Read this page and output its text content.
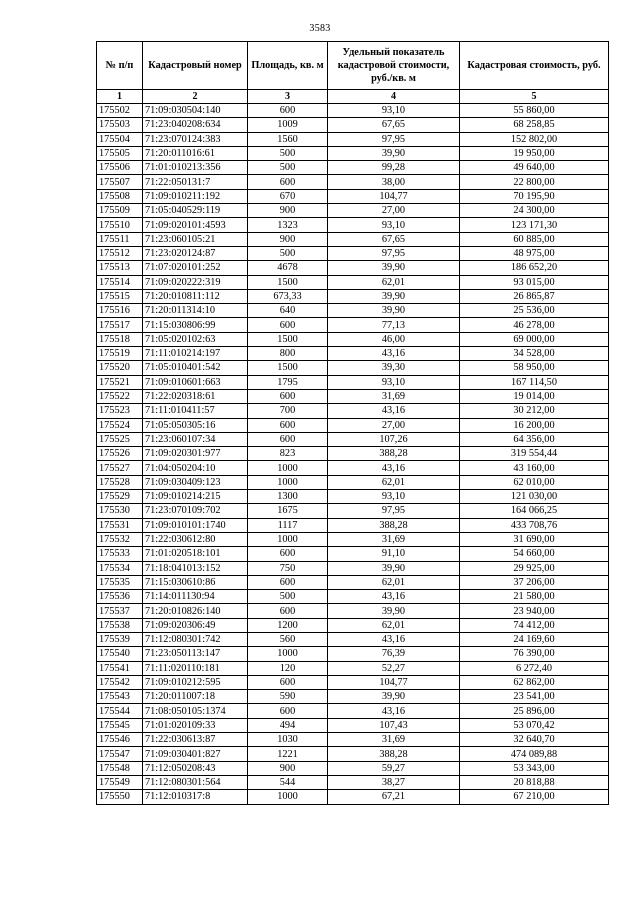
3583
№ п/п	Кадастровый номер	Площадь, кв. м	Удельный показатель кадастровой стоимости, руб./кв. м	Кадастровая стоимость, руб.
1	2	3	4	5
175502	71:09:030504:140	600	93,10	55 860,00
175503	71:23:040208:634	1009	67,65	68 258,85
175504	71:23:070124:383	1560	97,95	152 802,00
175505	71:20:011016:61	500	39,90	19 950,00
175506	71:01:010213:356	500	99,28	49 640,00
175507	71:22:050131:7	600	38,00	22 800,00
175508	71:09:010211:192	670	104,77	70 195,90
175509	71:05:040529:119	900	27,00	24 300,00
175510	71:09:020101:4593	1323	93,10	123 171,30
175511	71:23:060105:21	900	67,65	60 885,00
175512	71:23:020124:87	500	97,95	48 975,00
175513	71:07:020101:252	4678	39,90	186 652,20
175514	71:09:020222:319	1500	62,01	93 015,00
175515	71:20:010811:112	673,33	39,90	26 865,87
175516	71:20:011314:10	640	39,90	25 536,00
175517	71:15:030806:99	600	77,13	46 278,00
175518	71:05:020102:63	1500	46,00	69 000,00
175519	71:11:010214:197	800	43,16	34 528,00
175520	71:05:010401:542	1500	39,30	58 950,00
175521	71:09:010601:663	1795	93,10	167 114,50
175522	71:22:020318:61	600	31,69	19 014,00
175523	71:11:010411:57	700	43,16	30 212,00
175524	71:05:050305:16	600	27,00	16 200,00
175525	71:23:060107:34	600	107,26	64 356,00
175526	71:09:020301:977	823	388,28	319 554,44
175527	71:04:050204:10	1000	43,16	43 160,00
175528	71:09:030409:123	1000	62,01	62 010,00
175529	71:09:010214:215	1300	93,10	121 030,00
175530	71:23:070109:702	1675	97,95	164 066,25
175531	71:09:010101:1740	1117	388,28	433 708,76
175532	71:22:030612:80	1000	31,69	31 690,00
175533	71:01:020518:101	600	91,10	54 660,00
175534	71:18:041013:152	750	39,90	29 925,00
175535	71:15:030610:86	600	62,01	37 206,00
175536	71:14:011130:94	500	43,16	21 580,00
175537	71:20:010826:140	600	39,90	23 940,00
175538	71:09:020306:49	1200	62,01	74 412,00
175539	71:12:080301:742	560	43,16	24 169,60
175540	71:23:050113:147	1000	76,39	76 390,00
175541	71:11:020110:181	120	52,27	6 272,40
175542	71:09:010212:595	600	104,77	62 862,00
175543	71:20:011007:18	590	39,90	23 541,00
175544	71:08:050105:1374	600	43,16	25 896,00
175545	71:01:020109:33	494	107,43	53 070,42
175546	71:22:030613:87	1030	31,69	32 640,70
175547	71:09:030401:827	1221	388,28	474 089,88
175548	71:12:050208:43	900	59,27	53 343,00
175549	71:12:080301:564	544	38,27	20 818,88
175550	71:12:010317:8	1000	67,21	67 210,00
